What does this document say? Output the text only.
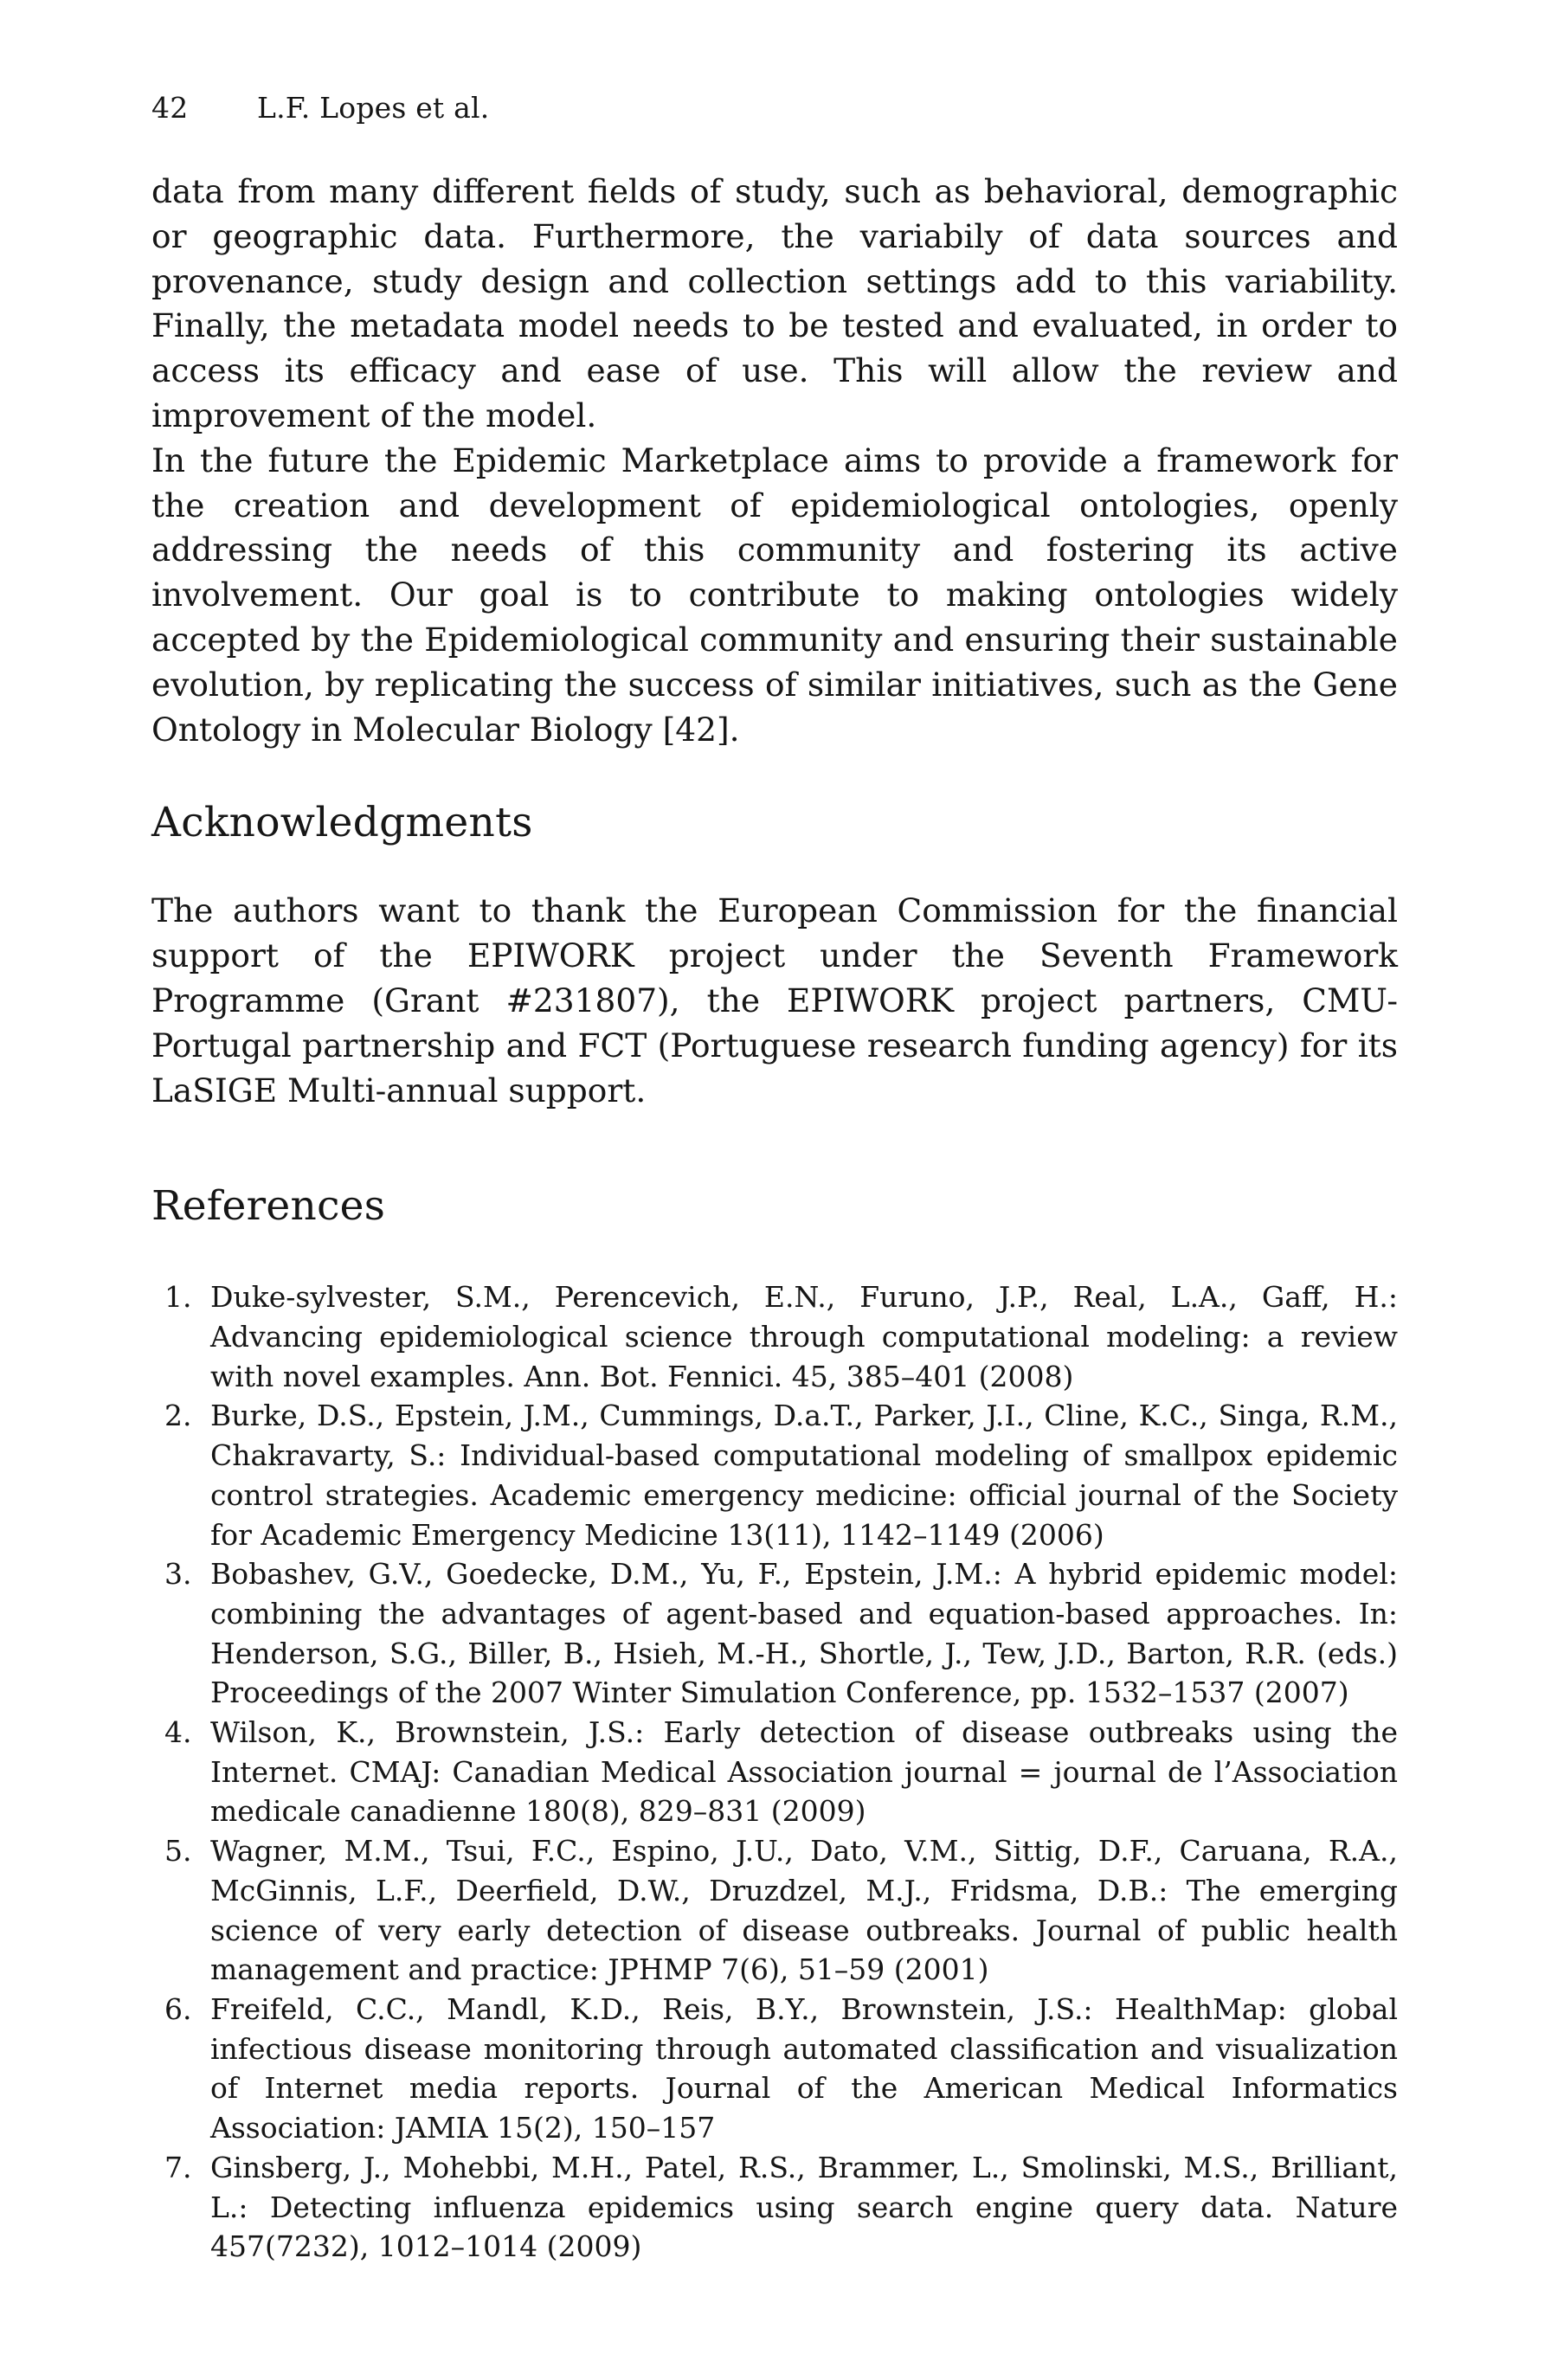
42 L.F. Lopes et al.

data from many different fields of study, such as behavioral, demographic or geographic data. Furthermore, the variabily of data sources and provenance, study design and collection settings add to this variability. Finally, the metadata model needs to be tested and evaluated, in order to access its efficacy and ease of use. This will allow the review and improvement of the model.

In the future the Epidemic Marketplace aims to provide a framework for the creation and development of epidemiological ontologies, openly addressing the needs of this community and fostering its active involvement. Our goal is to contribute to making ontologies widely accepted by the Epidemiological community and ensuring their sustainable evolution, by replicating the success of similar initiatives, such as the Gene Ontology in Molecular Biology [42].

Acknowledgments

The authors want to thank the European Commission for the financial support of the EPIWORK project under the Seventh Framework Programme (Grant #231807), the EPIWORK project partners, CMU-Portugal partnership and FCT (Portuguese research funding agency) for its LaSIGE Multi-annual support.

References
1. Duke-sylvester, S.M., Perencevich, E.N., Furuno, J.P., Real, L.A., Gaff, H.: Advancing epidemiological science through computational modeling: a review with novel examples. Ann. Bot. Fennici. 45, 385–401 (2008)
2. Burke, D.S., Epstein, J.M., Cummings, D.a.T., Parker, J.I., Cline, K.C., Singa, R.M., Chakravarty, S.: Individual-based computational modeling of smallpox epidemic control strategies. Academic emergency medicine: official journal of the Society for Academic Emergency Medicine 13(11), 1142–1149 (2006)
3. Bobashev, G.V., Goedecke, D.M., Yu, F., Epstein, J.M.: A hybrid epidemic model: combining the advantages of agent-based and equation-based approaches. In: Henderson, S.G., Biller, B., Hsieh, M.-H., Shortle, J., Tew, J.D., Barton, R.R. (eds.) Proceedings of the 2007 Winter Simulation Conference, pp. 1532–1537 (2007)
4. Wilson, K., Brownstein, J.S.: Early detection of disease outbreaks using the Internet. CMAJ: Canadian Medical Association journal = journal de l’Association medicale canadienne 180(8), 829–831 (2009)
5. Wagner, M.M., Tsui, F.C., Espino, J.U., Dato, V.M., Sittig, D.F., Caruana, R.A., McGinnis, L.F., Deerfield, D.W., Druzdzel, M.J., Fridsma, D.B.: The emerging science of very early detection of disease outbreaks. Journal of public health management and practice: JPHMP 7(6), 51–59 (2001)
6. Freifeld, C.C., Mandl, K.D., Reis, B.Y., Brownstein, J.S.: HealthMap: global infectious disease monitoring through automated classification and visualization of Internet media reports. Journal of the American Medical Informatics Association: JAMIA 15(2), 150–157
7. Ginsberg, J., Mohebbi, M.H., Patel, R.S., Brammer, L., Smolinski, M.S., Brilliant, L.: Detecting influenza epidemics using search engine query data. Nature 457(7232), 1012–1014 (2009)
